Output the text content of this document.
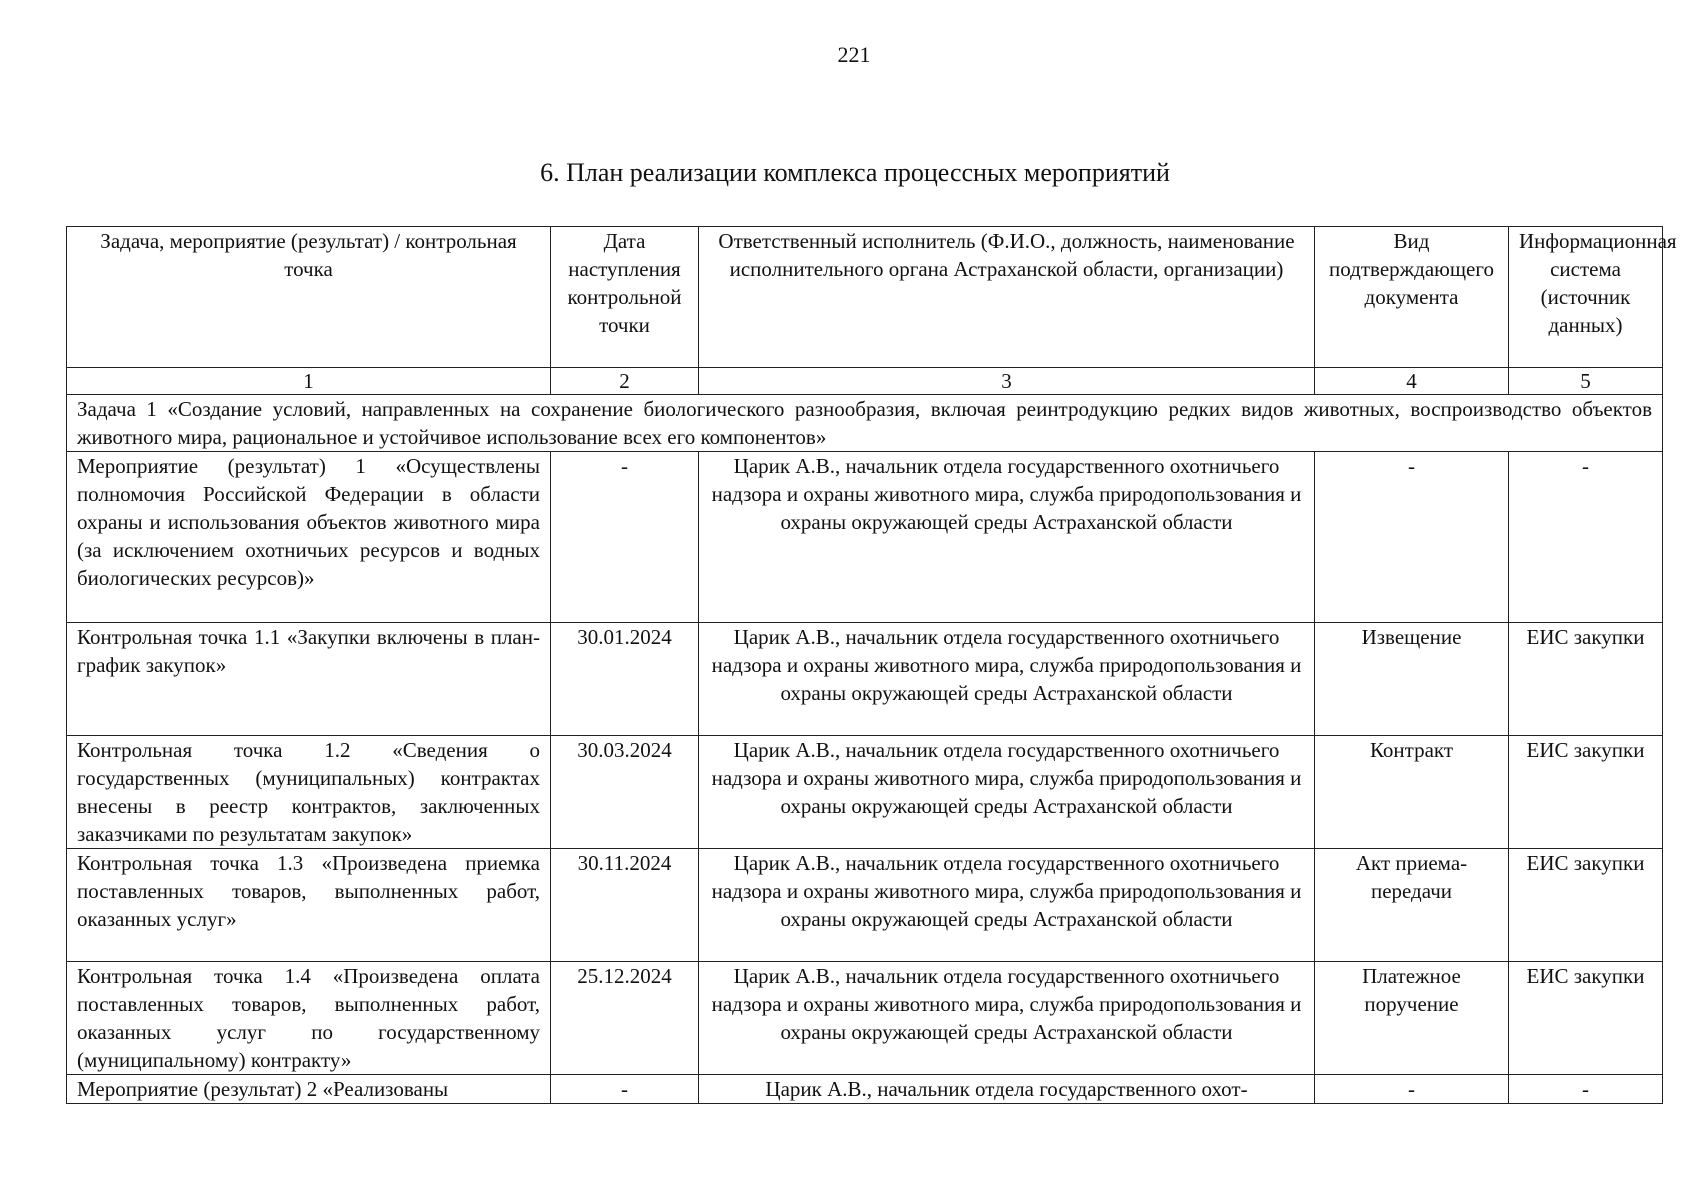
221
6. План реализации комплекса процессных мероприятий
Задача, мероприятие (результат) / контрольная точка	Дата наступления контрольной точки	Ответственный исполнитель (Ф.И.О., должность, наименование исполнительного органа Астраханской области, организации)	Вид подтверждающего документа	Информационная система (источник данных)
1	2	3	4	5
Задача 1 «Создание условий, направленных на сохранение биологического разнообразия, включая реинтродукцию редких видов животных, воспроизводство объектов животного мира, рациональное и устойчивое использование всех его компонентов»				
Мероприятие (результат) 1 «Осуществлены полномочия Российской Федерации в области охраны и использования объектов животного мира (за исключением охотничьих ресурсов и водных биологических ресурсов)»	-	Царик А.В., начальник отдела государственного охотничьего надзора и охраны животного мира, служба природопользования и охраны окружающей среды Астраханской области	-	-
Контрольная точка 1.1 «Закупки включены в план-график закупок»	30.01.2024	Царик А.В., начальник отдела государственного охотничьего надзора и охраны животного мира, служба природопользования и охраны окружающей среды Астраханской области	Извещение	ЕИС закупки
Контрольная точка 1.2 «Сведения о государственных (муниципальных) контрактах внесены в реестр контрактов, заключенных заказчиками по результатам закупок»	30.03.2024	Царик А.В., начальник отдела государственного охотничьего надзора и охраны животного мира, служба природопользования и охраны окружающей среды Астраханской области	Контракт	ЕИС закупки
Контрольная точка 1.3 «Произведена приемка поставленных товаров, выполненных работ, оказанных услуг»	30.11.2024	Царик А.В., начальник отдела государственного охотничьего надзора и охраны животного мира, служба природопользования и охраны окружающей среды Астраханской области	Акт приема-передачи	ЕИС закупки
Контрольная точка 1.4 «Произведена оплата поставленных товаров, выполненных работ, оказанных услуг по государственному (муниципальному) контракту»	25.12.2024	Царик А.В., начальник отдела государственного охотничьего надзора и охраны животного мира, служба природопользования и охраны окружающей среды Астраханской области	Платежное поручение	ЕИС закупки
Мероприятие (результат) 2 «Реализованы	-	Царик А.В., начальник отдела государственного охот-	-	-
